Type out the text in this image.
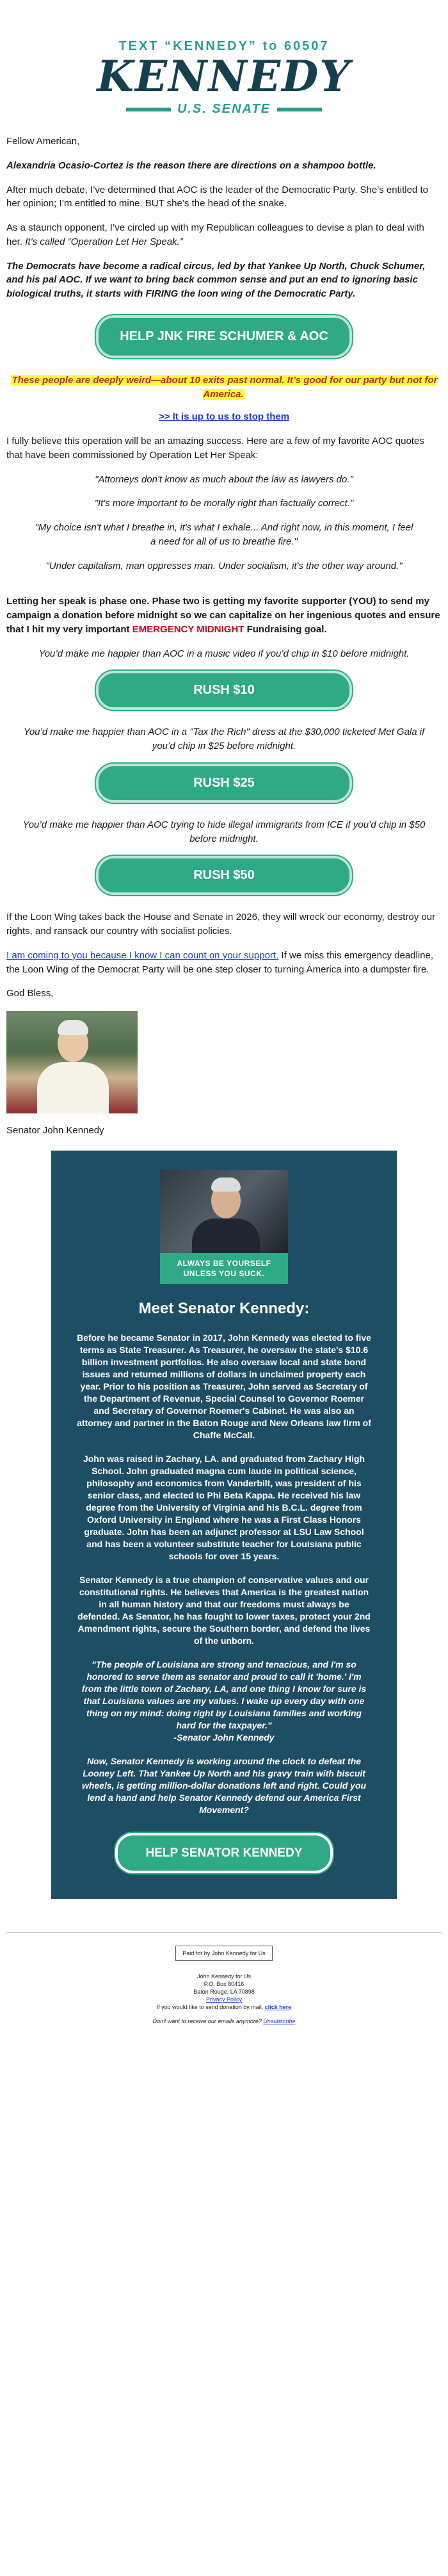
TEXT “KENNEDY” to 60507
KENNEDY
U.S. SENATE

Fellow American,

Alexandria Ocasio-Cortez is the reason there are directions on a shampoo bottle.

After much debate, I’ve determined that AOC is the leader of the Democratic Party. She’s entitled to her opinion; I’m entitled to mine. BUT she’s the head of the snake.

As a staunch opponent, I’ve circled up with my Republican colleagues to devise a plan to deal with her. It’s called “Operation Let Her Speak.”

The Democrats have become a radical circus, led by that Yankee Up North, Chuck Schumer, and his pal AOC. If we want to bring back common sense and put an end to ignoring basic biological truths, it starts with FIRING the loon wing of the Democratic Party.

HELP JNK FIRE SCHUMER & AOC

These people are deeply weird—about 10 exits past normal. It’s good for our party but not for America.

>> It is up to us to stop them

I fully believe this operation will be an amazing success. Here are a few of my favorite AOC quotes that have been commissioned by Operation Let Her Speak:

"Attorneys don't know as much about the law as lawyers do."

"It's more important to be morally right than factually correct."

"My choice isn't what I breathe in, it's what I exhale... And right now, in this moment, I feel a need for all of us to breathe fire."

"Under capitalism, man oppresses man. Under socialism, it's the other way around."

Letting her speak is phase one. Phase two is getting my favorite supporter (YOU) to send my campaign a donation before midnight so we can capitalize on her ingenious quotes and ensure that I hit my very important EMERGENCY MIDNIGHT Fundraising goal.

You’d make me happier than AOC in a music video if you’d chip in $10 before midnight.

RUSH $10

You’d make me happier than AOC in a "Tax the Rich" dress at the $30,000 ticketed Met Gala if you’d chip in $25 before midnight.

RUSH $25

You’d make me happier than AOC trying to hide illegal immigrants from ICE if you’d chip in $50 before midnight.

RUSH $50

If the Loon Wing takes back the House and Senate in 2026, they will wreck our economy, destroy our rights, and ransack our country with socialist policies.

I am coming to you because I know I can count on your support. If we miss this emergency deadline, the Loon Wing of the Democrat Party will be one step closer to turning America into a dumpster fire.

God Bless,

Senator John Kennedy

ALWAYS BE YOURSELF UNLESS YOU SUCK.
Meet Senator Kennedy:

Before he became Senator in 2017, John Kennedy was elected to five terms as State Treasurer. As Treasurer, he oversaw the state's $10.6 billion investment portfolios. He also oversaw local and state bond issues and returned millions of dollars in unclaimed property each year. Prior to his position as Treasurer, John served as Secretary of the Department of Revenue, Special Counsel to Governor Roemer and Secretary of Governor Roemer's Cabinet. He was also an attorney and partner in the Baton Rouge and New Orleans law firm of Chaffe McCall.

John was raised in Zachary, LA. and graduated from Zachary High School. John graduated magna cum laude in political science, philosophy and economics from Vanderbilt, was president of his senior class, and elected to Phi Beta Kappa. He received his law degree from the University of Virginia and his B.C.L. degree from Oxford University in England where he was a First Class Honors graduate. John has been an adjunct professor at LSU Law School and has been a volunteer substitute teacher for Louisiana public schools for over 15 years.

Senator Kennedy is a true champion of conservative values and our constitutional rights. He believes that America is the greatest nation in all human history and that our freedoms must always be defended. As Senator, he has fought to lower taxes, protect your 2nd Amendment rights, secure the Southern border, and defend the lives of the unborn.

"The people of Louisiana are strong and tenacious, and I'm so honored to serve them as senator and proud to call it 'home.' I'm from the little town of Zachary, LA, and one thing I know for sure is that Louisiana values are my values. I wake up every day with one thing on my mind: doing right by Louisiana families and working hard for the taxpayer."

-Senator John Kennedy

Now, Senator Kennedy is working around the clock to defeat the Looney Left. That Yankee Up North and his gravy train with biscuit wheels, is getting million-dollar donations left and right. Could you lend a hand and help Senator Kennedy defend our America First Movement?

HELP SENATOR KENNEDY
Paid for by John Kennedy for Us
John Kennedy for Us
P.O. Box 80416
Baton Rouge, LA 70898
Privacy Policy
If you would like to send donation by mail, click here
Don't want to receive our emails anymore? Unsubscribe
